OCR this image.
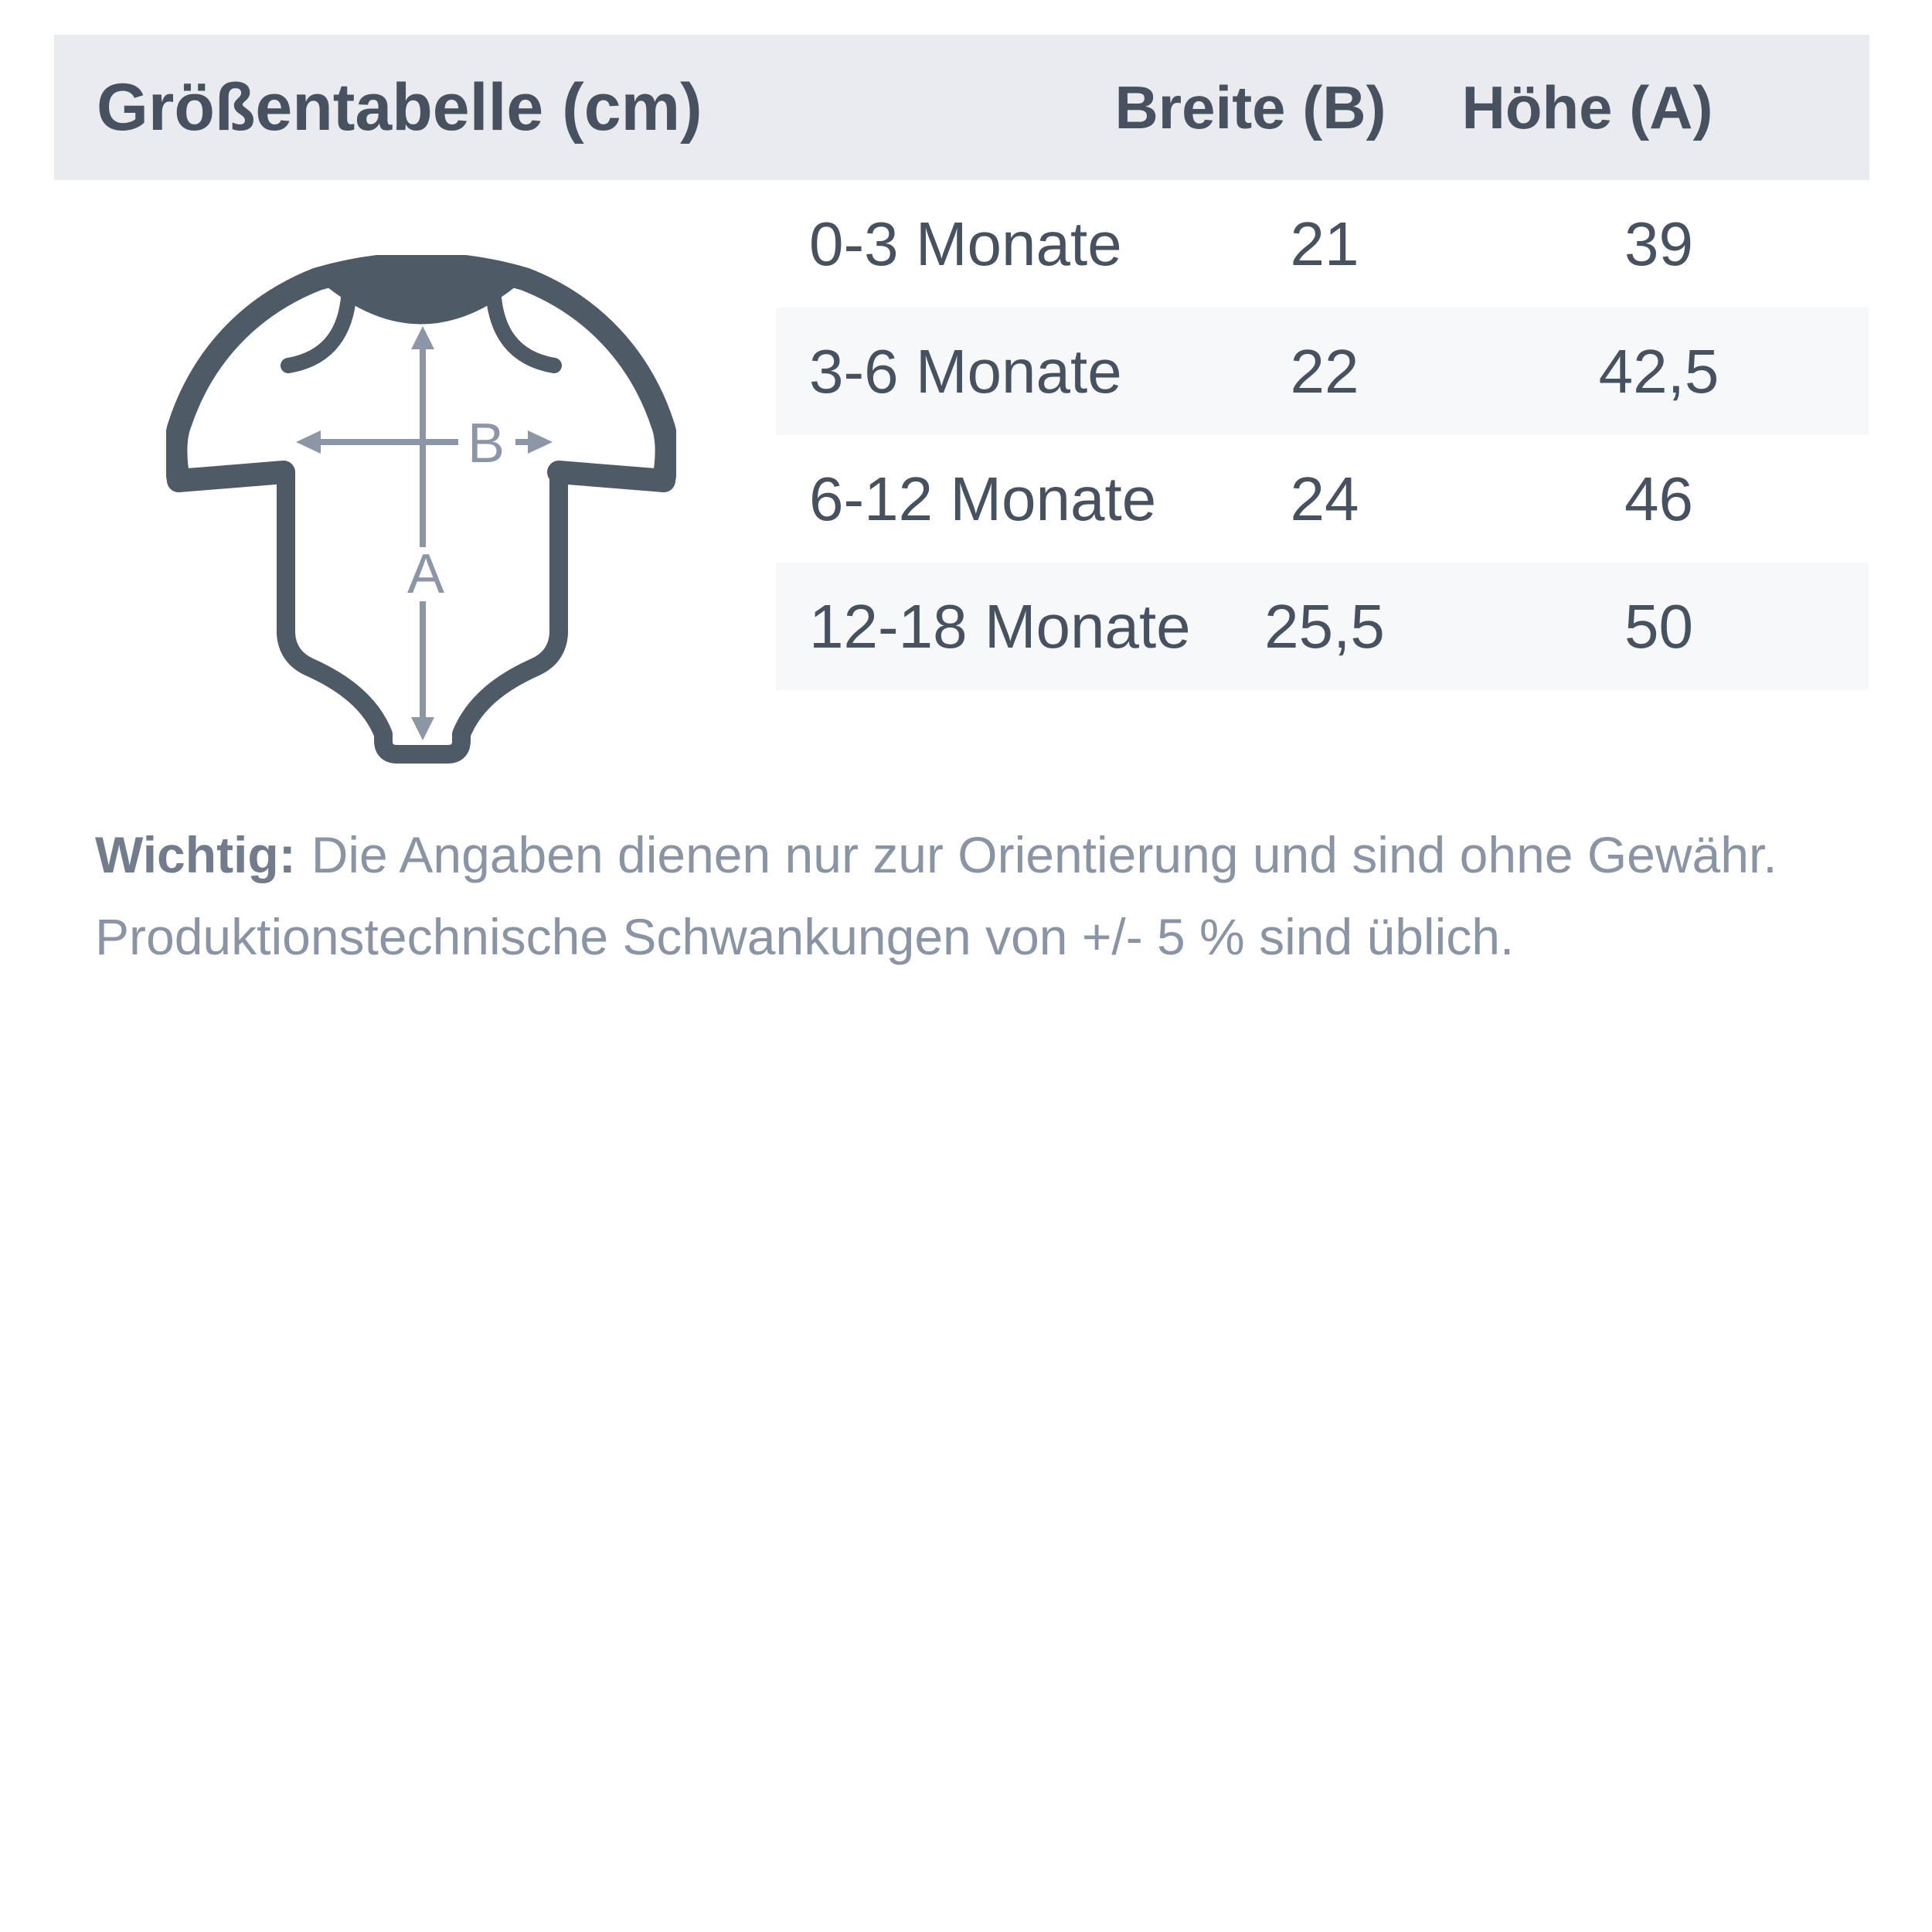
Größentabelle (cm)	Breite (B) Höhe (A)
0-3 Monate	21	39
3-6 Monate	22	42,5
6-12 Monate	24	46
12-18 Monate	25,5	50
A
B

Wichtig: Die Angaben dienen nur zur Orientierung und sind ohne Gewähr.

Produktionstechnische Schwankungen von +/- 5 % sind üblich.
